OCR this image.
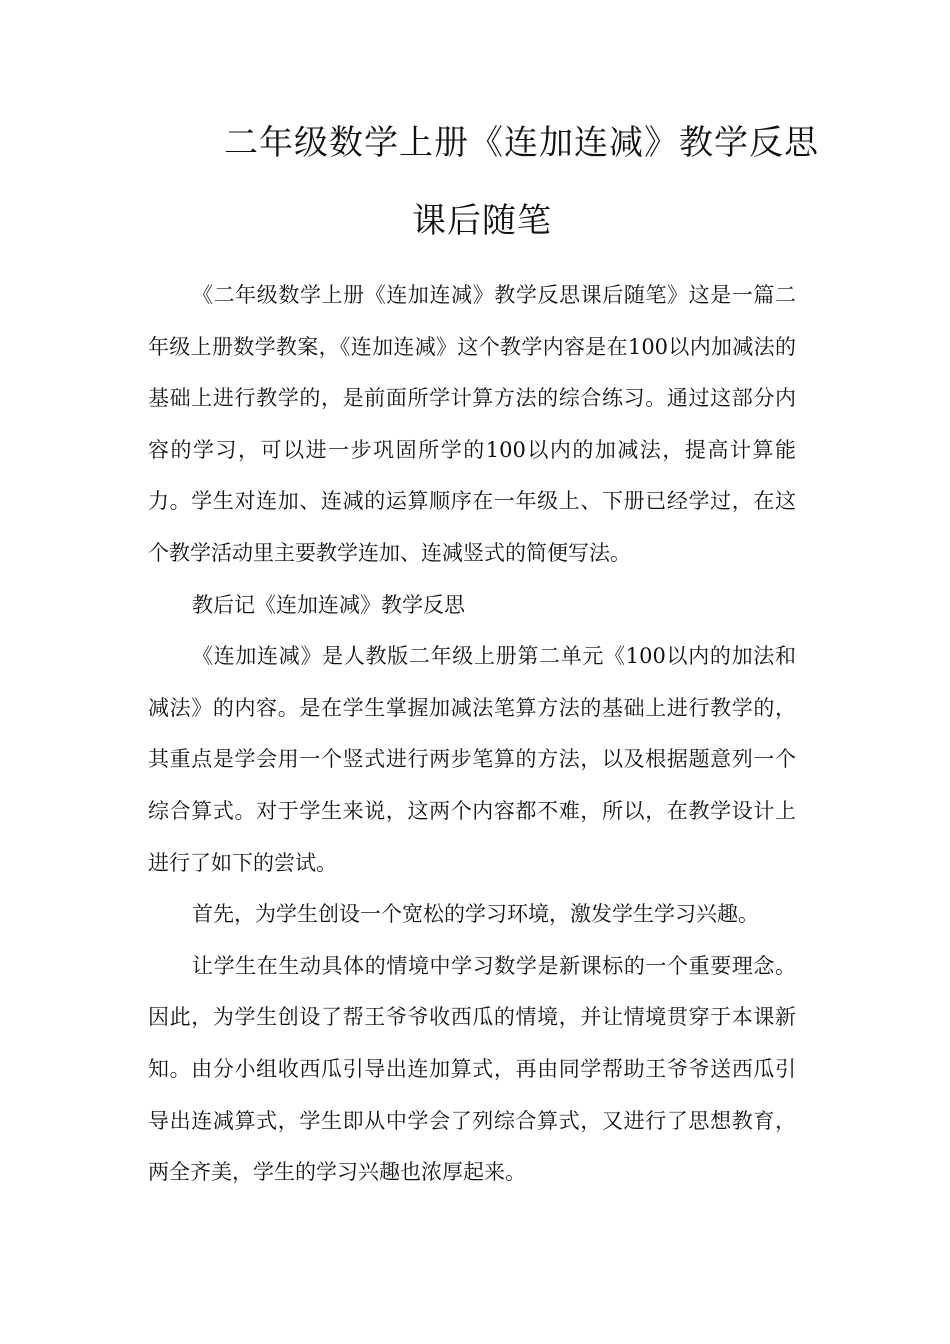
二年级数学上册《连加连减》教学反思
课后随笔

《二年级数学上册《连加连减》教学反思课后随笔》这是一篇二年级上册数学教案，《连加连减》这个教学内容是在100以内加减法的基础上进行教学的，是前面所学计算方法的综合练习。通过这部分内容的学习，可以进一步巩固所学的100以内的加减法，提高计算能力。学生对连加、连减的运算顺序在一年级上、下册已经学过，在这个教学活动里主要教学连加、连减竖式的简便写法。

教后记《连加连减》教学反思

《连加连减》是人教版二年级上册第二单元《100以内的加法和减法》的内容。是在学生掌握加减法笔算方法的基础上进行教学的，其重点是学会用一个竖式进行两步笔算的方法，以及根据题意列一个综合算式。对于学生来说，这两个内容都不难，所以，在教学设计上进行了如下的尝试。

首先，为学生创设一个宽松的学习环境，激发学生学习兴趣。

让学生在生动具体的情境中学习数学是新课标的一个重要理念。因此，为学生创设了帮王爷爷收西瓜的情境，并让情境贯穿于本课新知。由分小组收西瓜引导出连加算式，再由同学帮助王爷爷送西瓜引导出连减算式，学生即从中学会了列综合算式，又进行了思想教育，两全齐美，学生的学习兴趣也浓厚起来。
